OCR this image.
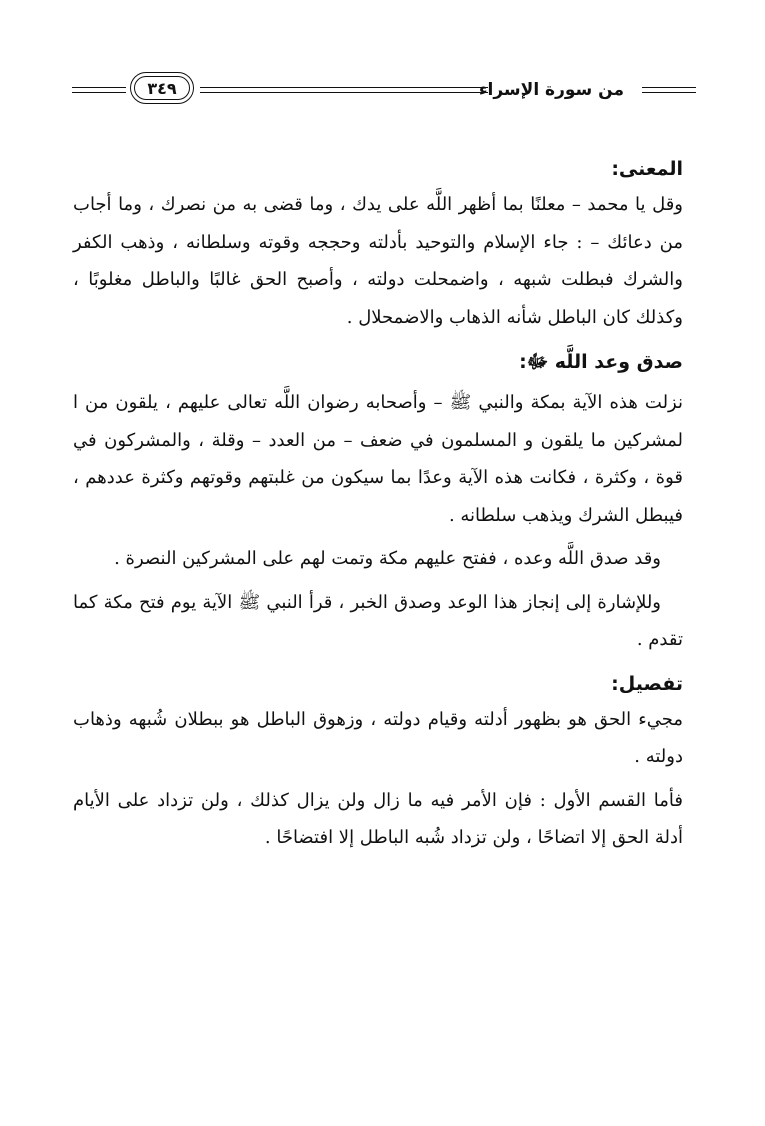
من سورة الإسراء
٣٤٩
المعنى:

وقل يا محمد – معلنًا بما أظهر اللَّه على يدك ، وما قضى به من نصرك ، وما أجاب من دعائك – : جاء الإسلام والتوحيد بأدلته وحججه وقوته وسلطانه ، وذهب الكفر والشرك فبطلت شبهه ، واضمحلت دولته ، وأصبح الحق غالبًا والباطل مغلوبًا ، وكذلك كان الباطل شأنه الذهاب والاضمحلال .

صدق وعد اللَّه ﷻ:

نزلت هذه الآية بمكة والنبي ﷺ – وأصحابه رضوان اللَّه تعالى عليهم ، يلقون من ا لمشركين ما يلقون و المسلمون في ضعف – من العدد – وقلة ، والمشركون في قوة ، وكثرة ، فكانت هذه الآية وعدًا بما سيكون من غلبتهم وقوتهم وكثرة عددهم ، فيبطل الشرك ويذهب سلطانه .

وقد صدق اللَّه وعده ، ففتح عليهم مكة وتمت لهم على المشركين النصرة .

وللإشارة إلى إنجاز هذا الوعد وصدق الخبر ، قرأ النبي ﷺ الآية يوم فتح مكة كما تقدم .

تفصيل:

مجيء الحق هو بظهور أدلته وقيام دولته ، وزهوق الباطل هو ببطلان شُبهه وذهاب دولته .

فأما القسم الأول : فإن الأمر فيه ما زال ولن يزال كذلك ، ولن تزداد على الأيام أدلة الحق إلا اتضاحًا ، ولن تزداد شُبه الباطل إلا افتضاحًا .
